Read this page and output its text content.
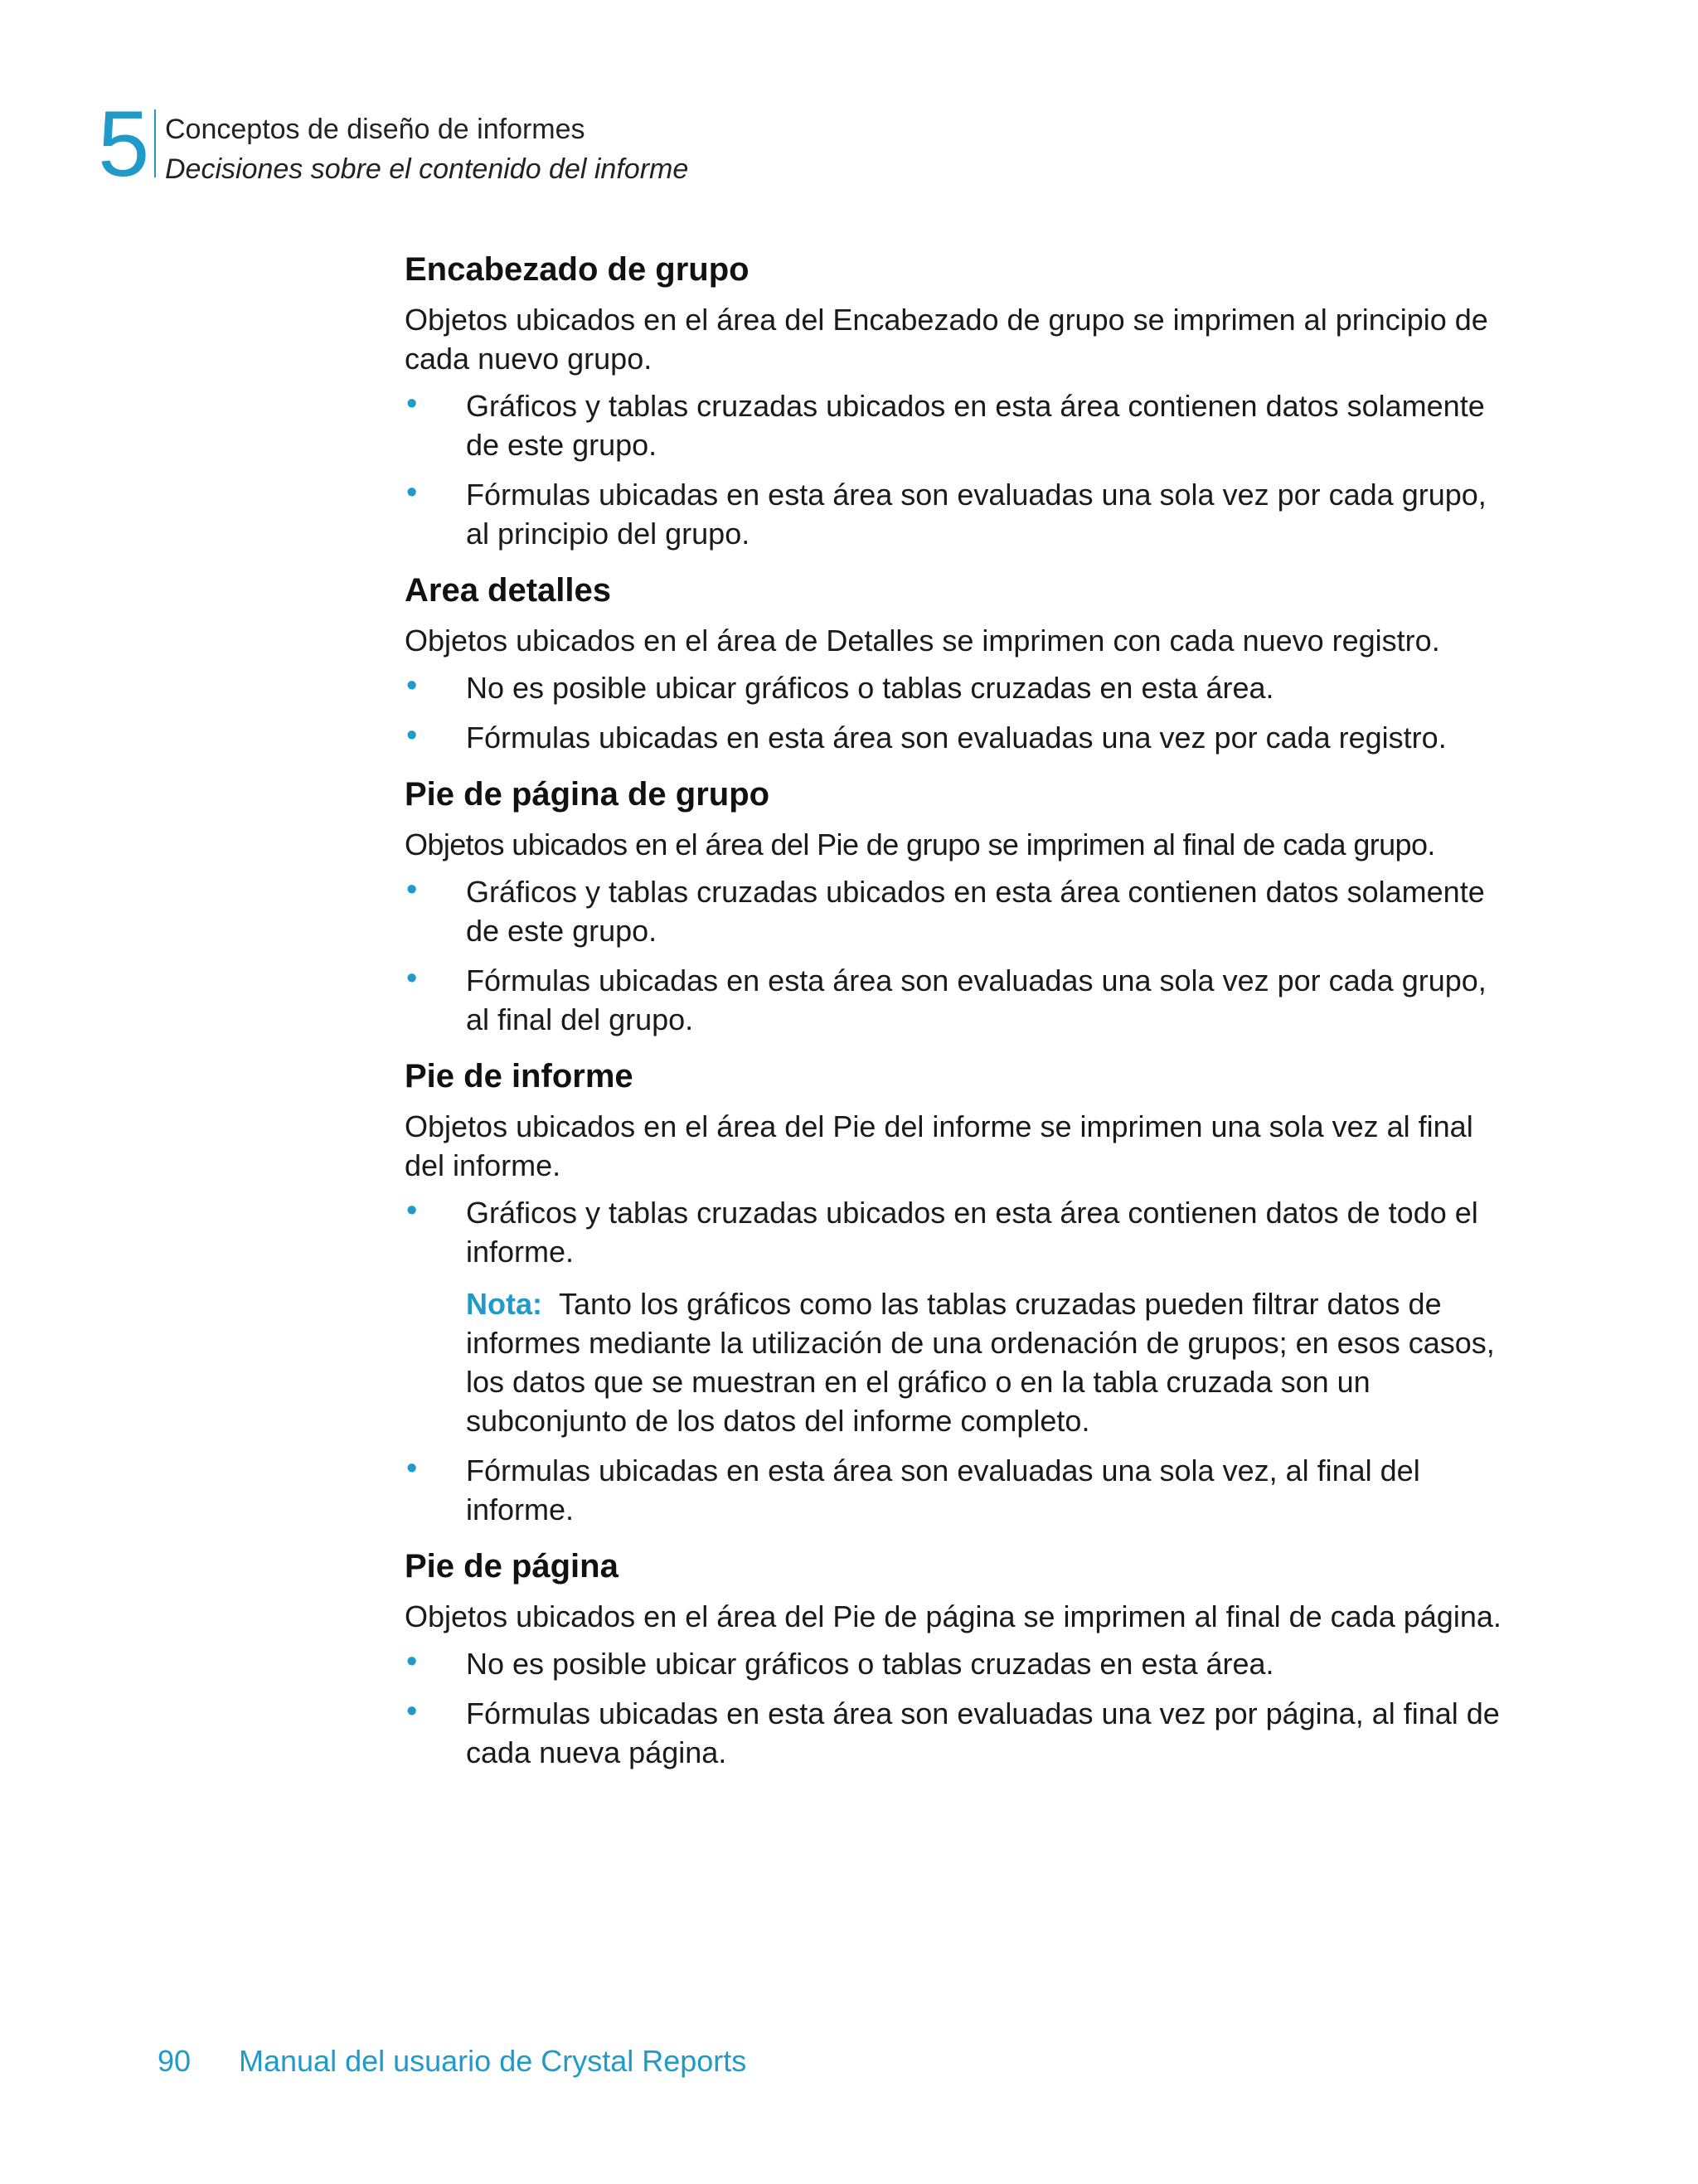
5 Conceptos de diseño de informes
Decisiones sobre el contenido del informe
Encabezado de grupo

Objetos ubicados en el área del Encabezado de grupo se imprimen al principio de cada nuevo grupo.

• Gráficos y tablas cruzadas ubicados en esta área contienen datos solamente de este grupo.
• Fórmulas ubicadas en esta área son evaluadas una sola vez por cada grupo, al principio del grupo.
Area detalles

Objetos ubicados en el área de Detalles se imprimen con cada nuevo registro.

• No es posible ubicar gráficos o tablas cruzadas en esta área.
• Fórmulas ubicadas en esta área son evaluadas una vez por cada registro.
Pie de página de grupo

Objetos ubicados en el área del Pie de grupo se imprimen al final de cada grupo.

• Gráficos y tablas cruzadas ubicados en esta área contienen datos solamente de este grupo.
• Fórmulas ubicadas en esta área son evaluadas una sola vez por cada grupo, al final del grupo.
Pie de informe

Objetos ubicados en el área del Pie del informe se imprimen una sola vez al final del informe.

• Gráficos y tablas cruzadas ubicados en esta área contienen datos de todo el informe.
Nota: Tanto los gráficos como las tablas cruzadas pueden filtrar datos de informes mediante la utilización de una ordenación de grupos; en esos casos, los datos que se muestran en el gráfico o en la tabla cruzada son un subconjunto de los datos del informe completo.
• Fórmulas ubicadas en esta área son evaluadas una sola vez, al final del informe.
Pie de página

Objetos ubicados en el área del Pie de página se imprimen al final de cada página.

• No es posible ubicar gráficos o tablas cruzadas en esta área.
• Fórmulas ubicadas en esta área son evaluadas una vez por página, al final de cada nueva página.
90 Manual del usuario de Crystal Reports
